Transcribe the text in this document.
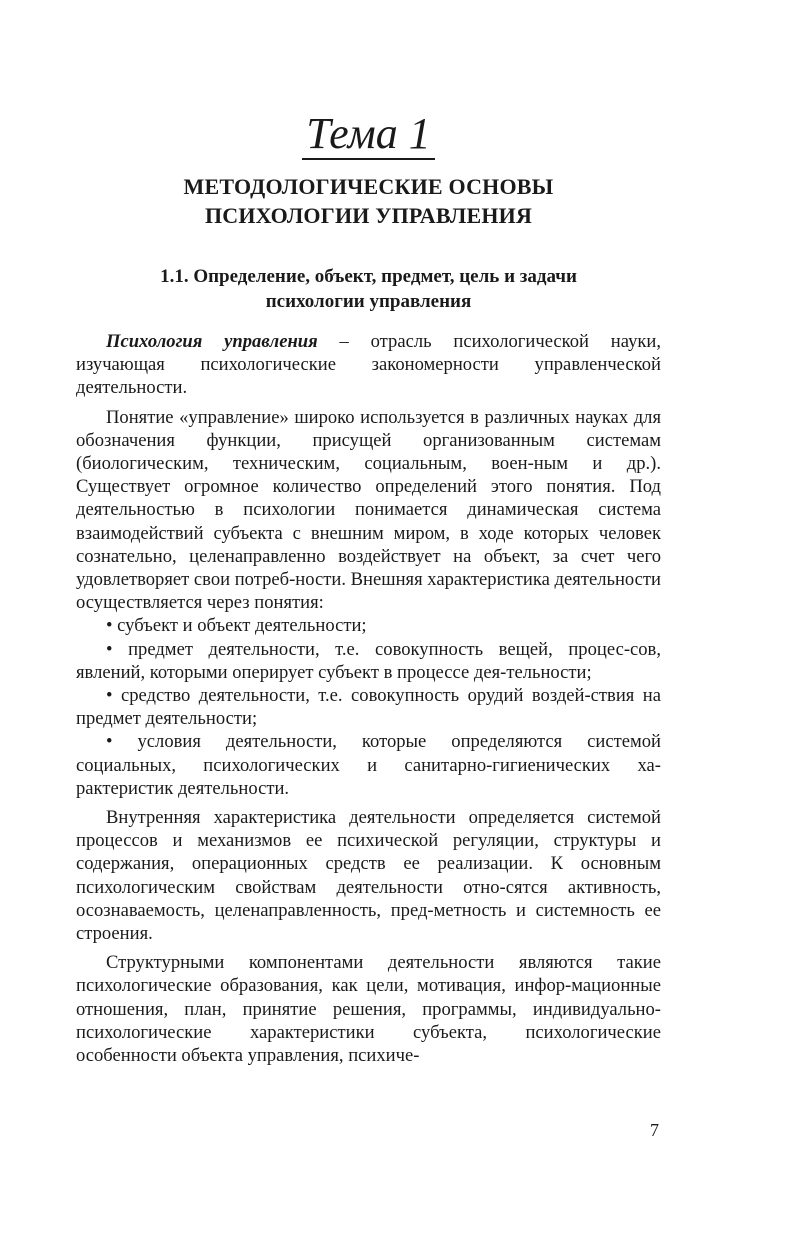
Тема 1
МЕТОДОЛОГИЧЕСКИЕ ОСНОВЫ
ПСИХОЛОГИИ УПРАВЛЕНИЯ
1.1. Определение, объект, предмет, цель и задачи
психологии управления

Психология управления – отрасль психологической науки, изучающая психологические закономерности управленческой деятельности.

Понятие «управление» широко используется в различных науках для обозначения функции, присущей организованным системам (биологическим, техническим, социальным, воен-ным и др.). Существует огромное количество определений этого понятия. Под деятельностью в психологии понимается динамическая система взаимодействий субъекта с внешним миром, в ходе которых человек сознательно, целенаправленно воздействует на объект, за счет чего удовлетворяет свои потреб-ности. Внешняя характеристика деятельности осуществляется через понятия:

• субъект и объект деятельности;

• предмет деятельности, т.е. совокупность вещей, процес-сов, явлений, которыми оперирует субъект в процессе дея-тельности;

• средство деятельности, т.е. совокупность орудий воздей-ствия на предмет деятельности;

• условия деятельности, которые определяются системой социальных, психологических и санитарно-гигиенических ха-рактеристик деятельности.

Внутренняя характеристика деятельности определяется системой процессов и механизмов ее психической регуляции, структуры и содержания, операционных средств ее реализации. К основным психологическим свойствам деятельности отно-сятся активность, осознаваемость, целенаправленность, пред-метность и системность ее строения.

Структурными компонентами деятельности являются такие психологические образования, как цели, мотивация, инфор-мационные отношения, план, принятие решения, программы, индивидуально-психологические характеристики субъекта, психологические особенности объекта управления, психиче-

7
